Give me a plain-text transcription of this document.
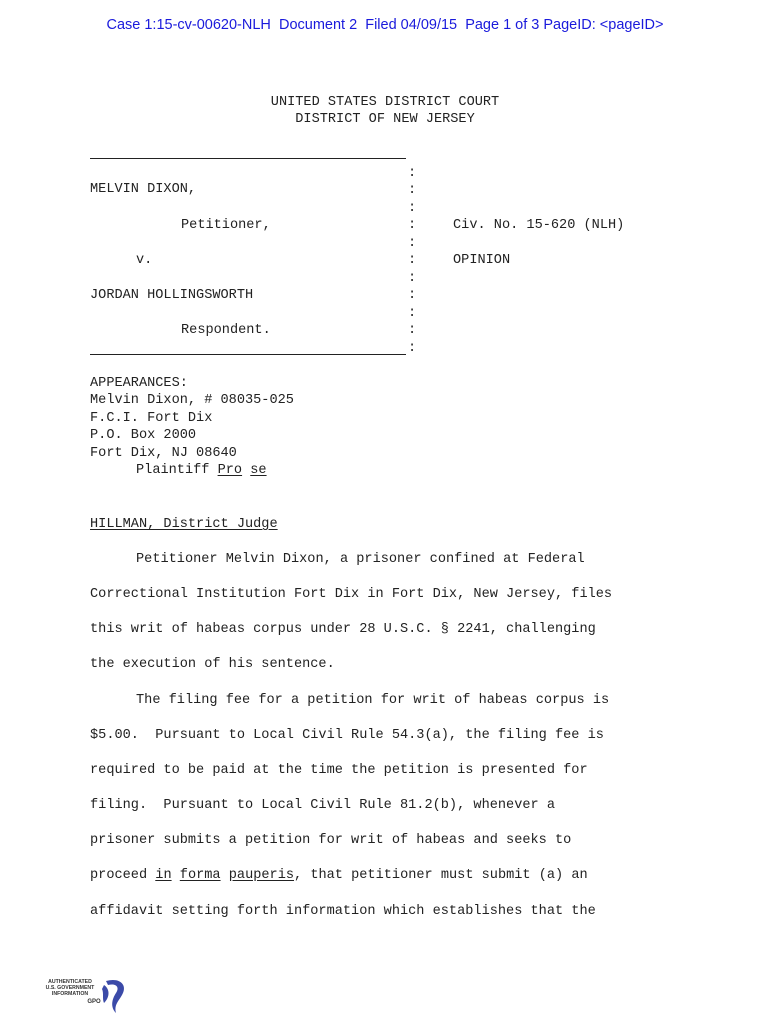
Case 1:15-cv-00620-NLH Document 2 Filed 04/09/15 Page 1 of 3 PageID: <pageID>
UNITED STATES DISTRICT COURT
DISTRICT OF NEW JERSEY
:
:
:
:
:
:
:
:
:
:
:
MELVIN DIXON,
Petitioner,
v.
JORDAN HOLLINGSWORTH
Respondent.
Civ. No. 15-620 (NLH)
OPINION
APPEARANCES:
Melvin Dixon, # 08035-025
F.C.I. Fort Dix
P.O. Box 2000
Fort Dix, NJ 08640
Plaintiff Pro se
HILLMAN, District Judge
Petitioner Melvin Dixon, a prisoner confined at Federal
Correctional Institution Fort Dix in Fort Dix, New Jersey, files
this writ of habeas corpus under 28 U.S.C. § 2241, challenging
the execution of his sentence.
The filing fee for a petition for writ of habeas corpus is
$5.00.  Pursuant to Local Civil Rule 54.3(a), the filing fee is
required to be paid at the time the petition is presented for
filing.  Pursuant to Local Civil Rule 81.2(b), whenever a
prisoner submits a petition for writ of habeas and seeks to
proceed in forma pauperis, that petitioner must submit (a) an
affidavit setting forth information which establishes that the
AUTHENTICATED
U.S. GOVERNMENT
INFORMATION
GPO
